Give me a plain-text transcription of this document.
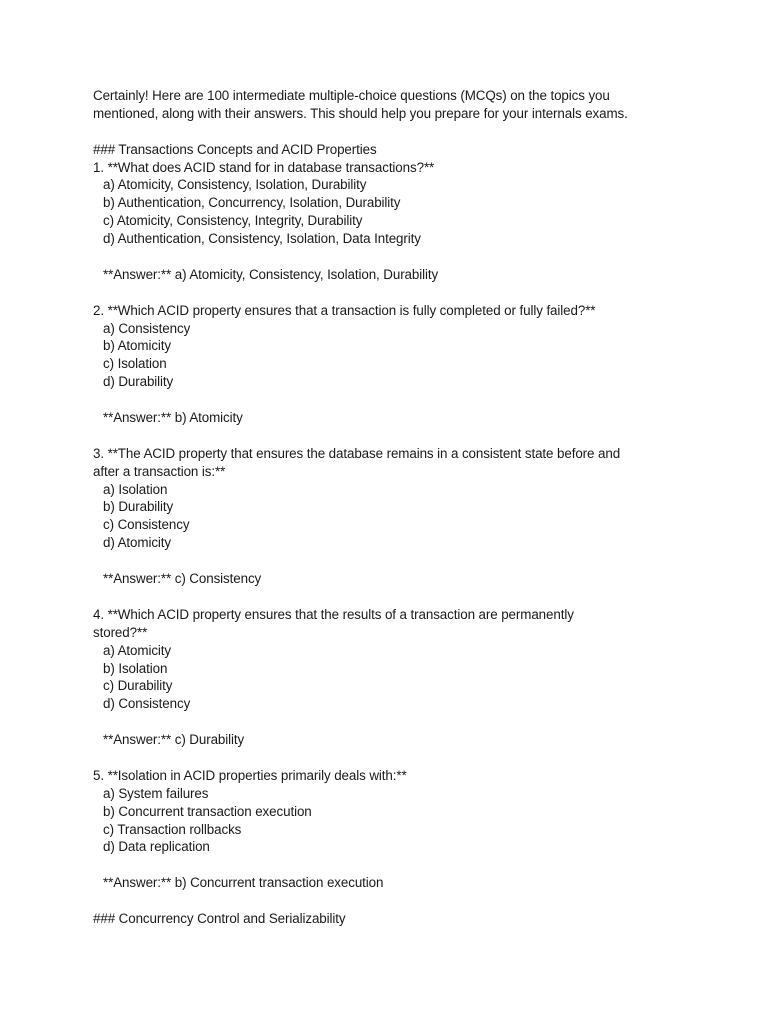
Certainly! Here are 100 intermediate multiple-choice questions (MCQs) on the topics you
mentioned, along with their answers. This should help you prepare for your internals exams.
### Transactions Concepts and ACID Properties
1. **What does ACID stand for in database transactions?**
a) Atomicity, Consistency, Isolation, Durability
b) Authentication, Concurrency, Isolation, Durability
c) Atomicity, Consistency, Integrity, Durability
d) Authentication, Consistency, Isolation, Data Integrity
**Answer:** a) Atomicity, Consistency, Isolation, Durability
2. **Which ACID property ensures that a transaction is fully completed or fully failed?**
a) Consistency
b) Atomicity
c) Isolation
d) Durability
**Answer:** b) Atomicity
3. **The ACID property that ensures the database remains in a consistent state before and
after a transaction is:**
a) Isolation
b) Durability
c) Consistency
d) Atomicity
**Answer:** c) Consistency
4. **Which ACID property ensures that the results of a transaction are permanently
stored?**
a) Atomicity
b) Isolation
c) Durability
d) Consistency
**Answer:** c) Durability
5. **Isolation in ACID properties primarily deals with:**
a) System failures
b) Concurrent transaction execution
c) Transaction rollbacks
d) Data replication
**Answer:** b) Concurrent transaction execution
### Concurrency Control and Serializability
